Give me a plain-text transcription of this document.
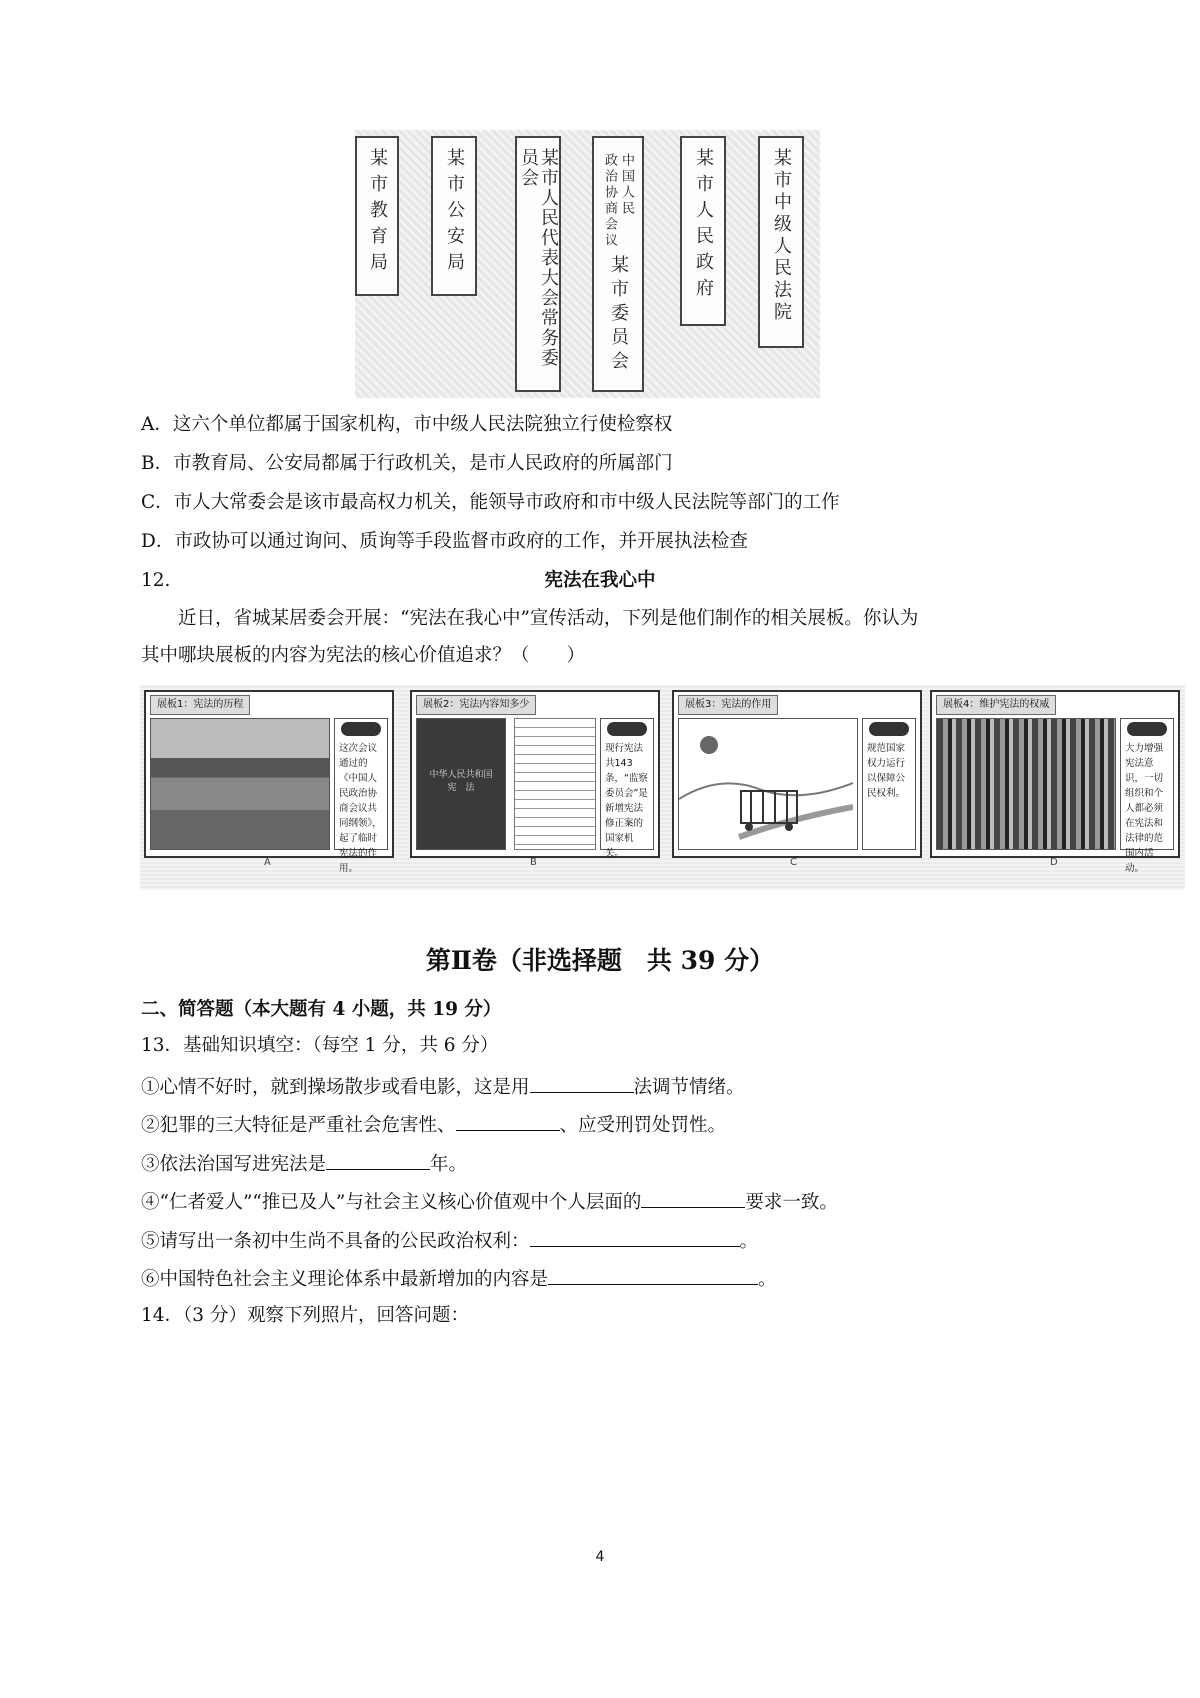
某市教育局	某市公安局	某市人民代表大会常务委员会	中国人民
政治协商会议
某市委员会
某市人民政府	某市中级人民法院
A．这六个单位都属于国家机构，市中级人民法院独立行使检察权
B．市教育局、公安局都属于行政机关，是市人民政府的所属部门
C．市人大常委会是该市最高权力机关，能领导市政府和市中级人民法院等部门的工作
D．市政协可以通过询问、质询等手段监督市政府的工作，并开展执法检查
12.	宪法在我心中
近日，省城某居委会开展：“宪法在我心中”宣传活动，下列是他们制作的相关展板。你认为
其中哪块展板的内容为宪法的核心价值追求？（　　）
展板1：宪法的历程
这次会议通过的《中国人民政治协商会议共同纲领》，起了临时宪法的作用。
A
展板2：宪法内容知多少
中华人民共和国
宪　法
现行宪法共143条，“监察委员会”是新增宪法修正案的国家机关。
B
展板3：宪法的作用
规范国家权力运行以保障公民权利。
C
展板4：维护宪法的权威
大力增强宪法意识，一切组织和个人都必须在宪法和法律的范围内活动。
D
第Ⅱ卷（非选择题　共 39 分）
二、简答题（本大题有 4 小题，共 19 分）
13．基础知识填空：（每空 1 分，共 6 分）
①心情不好时，就到操场散步或看电影，这是用	法调节情绪。
②犯罪的三大特征是严重社会危害性、	、应受刑罚处罚性。
③依法治国写进宪法是	年。
④“仁者爱人”“推已及人”与社会主义核心价值观中个人层面的	要求一致。
⑤请写出一条初中生尚不具备的公民政治权利：	。
⑥中国特色社会主义理论体系中最新增加的内容是	。
14．（3 分）观察下列照片，回答问题：
4
